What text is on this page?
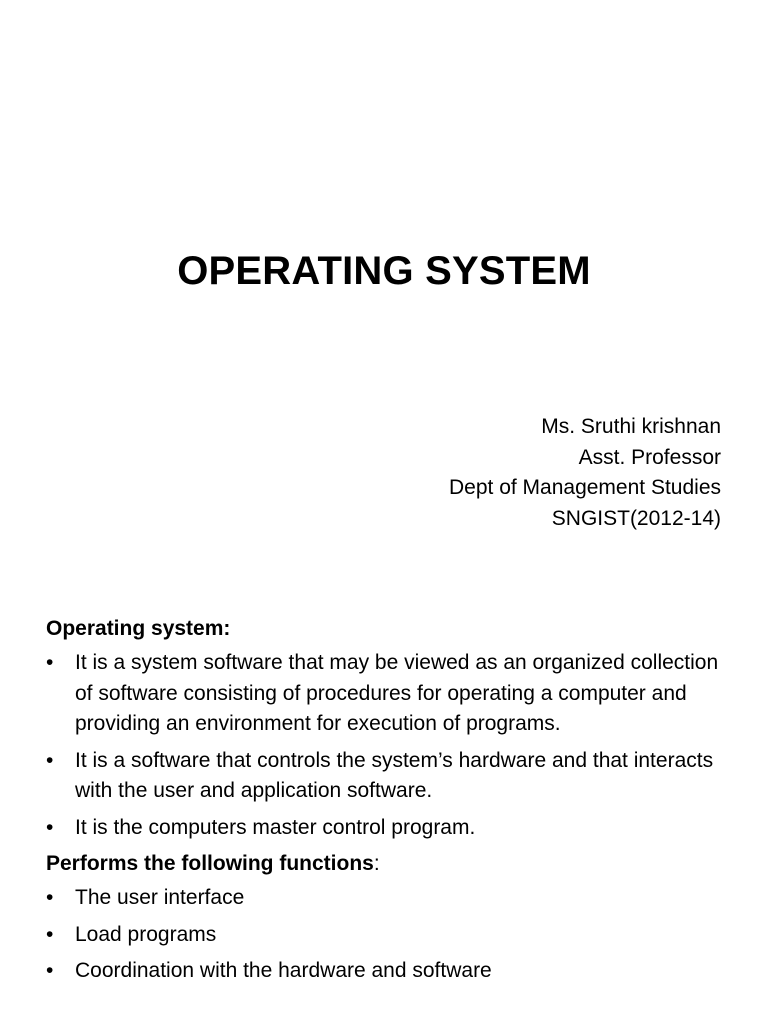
OPERATING SYSTEM
Ms. Sruthi krishnan
Asst. Professor
Dept of Management Studies
SNGIST(2012-14)
Operating system:
• It is a system software that may be viewed as an organized collection of software consisting of procedures for operating a computer and providing an environment for execution of programs.
• It is a software that controls the system’s hardware and that interacts with the user and application software.
• It is the computers master control program.
Performs the following functions:
• The user interface
• Load programs
• Coordination with the hardware and software
